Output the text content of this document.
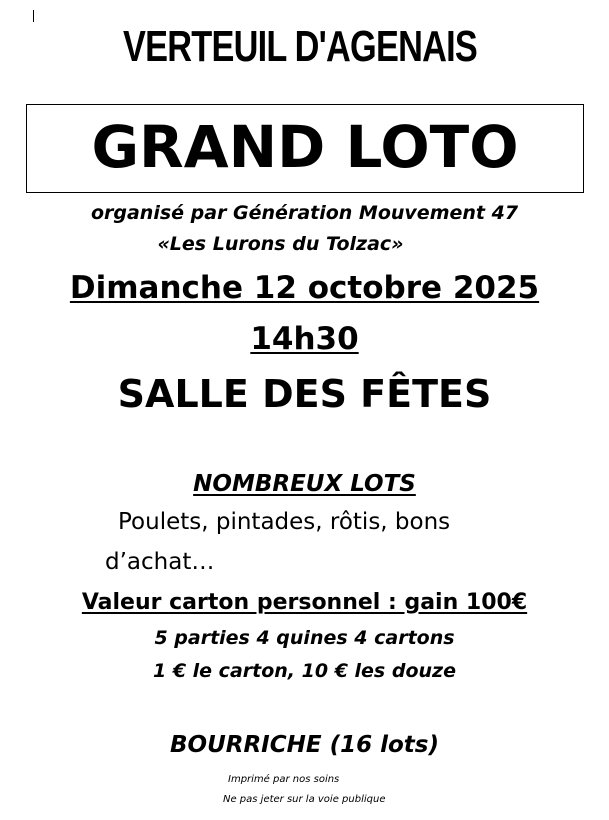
VERTEUIL D'AGENAIS
GRAND LOTO
organisé par Génération Mouvement 47
«Les Lurons du Tolzac»
Dimanche 12 octobre 2025
14h30
SALLE DES FÊTES
NOMBREUX LOTS
Poulets, pintades, rôtis, bons
d’achat…
Valeur carton personnel : gain 100€
5 parties 4 quines 4 cartons
1 € le carton, 10 € les douze
BOURRICHE (16 lots)
Imprimé par nos soins
Ne pas jeter sur la voie publique
